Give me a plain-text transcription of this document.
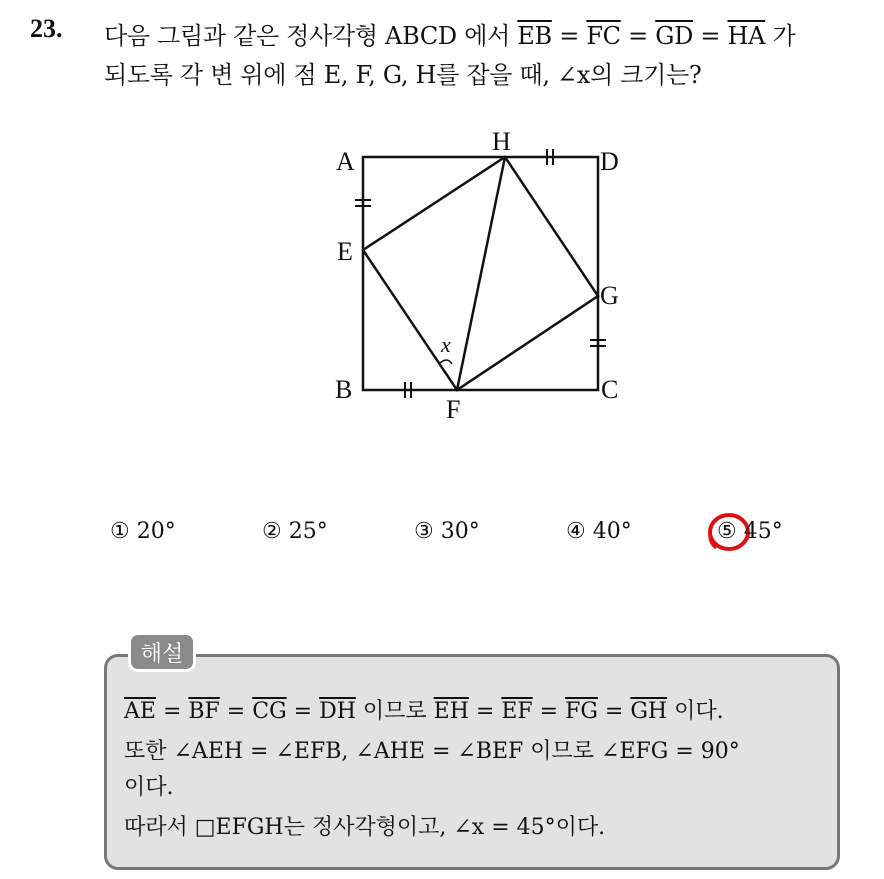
23. 다음 그림과 같은 정사각형 ABCD 에서 $\overline{EB} = \overline{FC} = \overline{GD} = \overline{HA}$ 가
되도록 각 변 위에 점 E, F, G, H를 잡을 때, ∠x의 크기는?
A
B	C
D
E
F
G
H
x
① 20°	② 25°	③ 30°	④ 40°	⑤ 45°
해설
$\overline{AE} = \overline{BF} = \overline{CG} = \overline{DH}$ 이므로 $\overline{EH} = \overline{EF} = \overline{FG} = \overline{GH}$ 이다.
또한 ∠AEH = ∠EFB, ∠AHE = ∠BEF 이므로 ∠EFG = 90°
이다.
따라서 □EFGH는 정사각형이고, ∠x = 45°이다.
